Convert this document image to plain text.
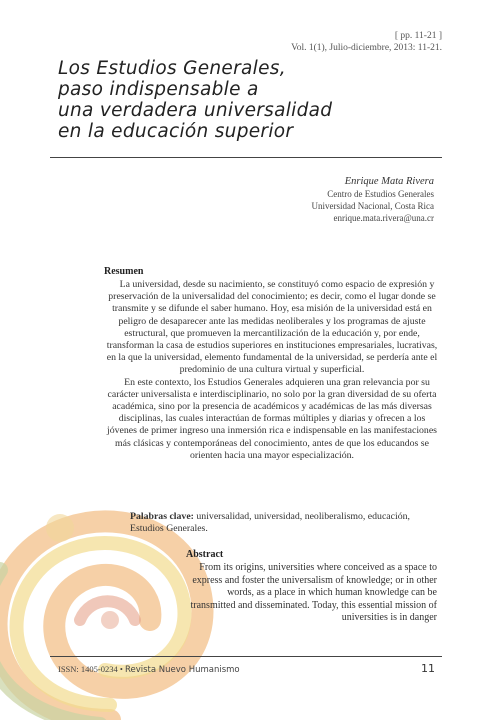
[ pp. 11-21 ]
Vol. 1(1), Julio-diciembre, 2013: 11-21.
Los Estudios Generales,
paso indispensable a
una verdadera universalidad
en la educación superior
Enrique Mata Rivera
Centro de Estudios Generales
Universidad Nacional, Costa Rica
enrique.mata.rivera@una.cr
Resumen

La universidad, desde su nacimiento, se constituyó como espacio de expresión y preservación de la universalidad del conocimiento; es decir, como el lugar donde se transmite y se difunde el saber humano. Hoy, esa misión de la universidad está en peligro de desaparecer ante las medidas neoliberales y los programas de ajuste estructural, que promueven la mercantilización de la educación y, por ende, transforman la casa de estudios superiores en instituciones empresariales, lucrativas, en la que la universidad, elemento fundamental de la universidad, se perdería ante el predominio de una cultura virtual y superficial.

En este contexto, los Estudios Generales adquieren una gran relevancia por su carácter universalista e interdisciplinario, no solo por la gran diversidad de su oferta académica, sino por la presencia de académicos y académicas de las más diversas disciplinas, las cuales interactúan de formas múltiples y diarias y ofrecen a los jóvenes de primer ingreso una inmersión rica e indispensable en las manifestaciones más clásicas y contemporáneas del conocimiento, antes de que los educandos se orienten hacia una mayor especialización.

Palabras clave: universalidad, universidad, neoliberalismo, educación, Estudios Generales.
Abstract
From its origins, universities where conceived as a space to express and foster the universalism of knowledge; or in other words, as a place in which human knowledge can be transmitted and disseminated. Today, this essential mission of universities is in danger
ISSN: 1405-0234 • Revista Nuevo Humanismo	11
